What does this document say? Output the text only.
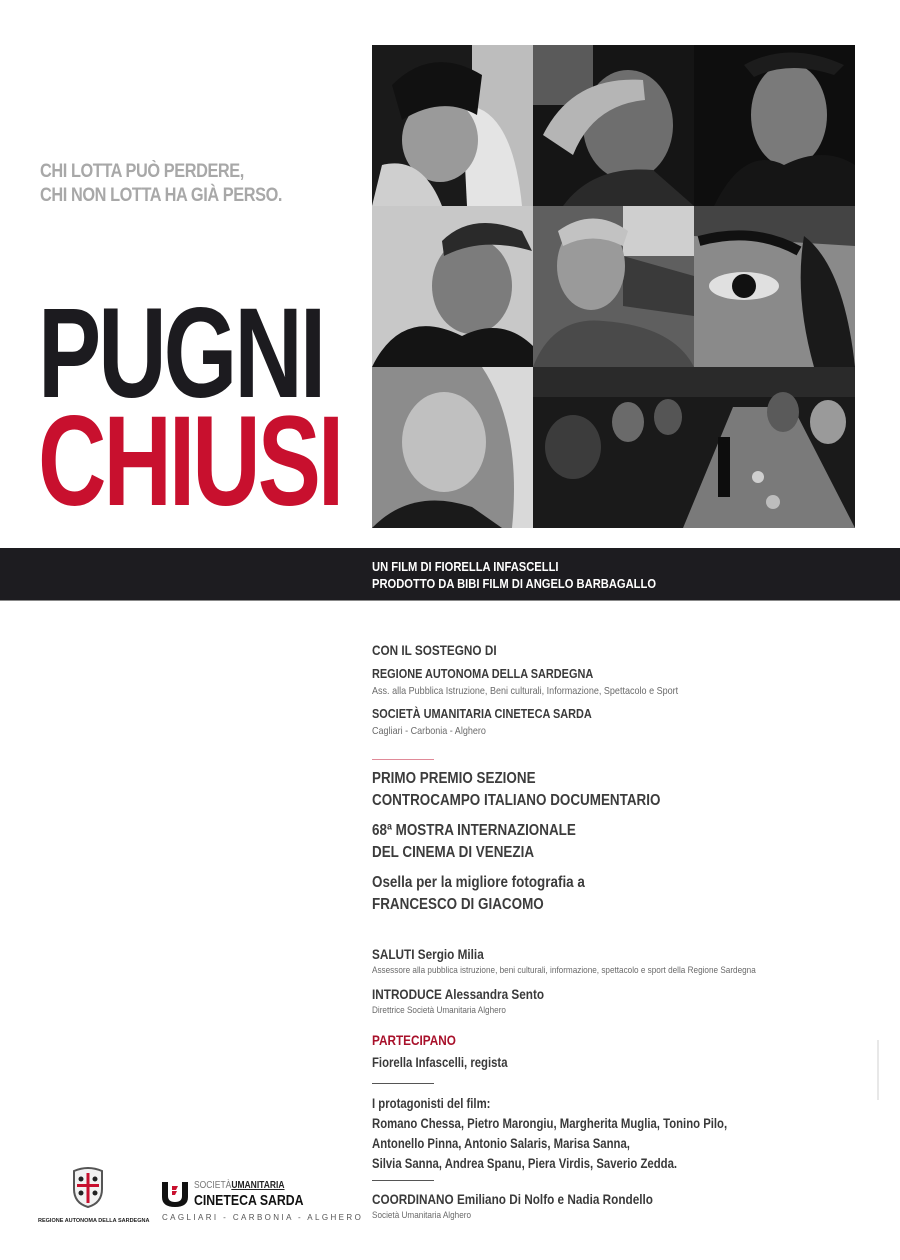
CHI LOTTA PUÒ PERDERE,
CHI NON LOTTA HA GIÀ PERSO.
PUGNI
CHIUSI
UN FILM DI FIORELLA INFASCELLI
PRODOTTO DA BIBI FILM DI ANGELO BARBAGALLO
CON IL SOSTEGNO DI
REGIONE AUTONOMA DELLA SARDEGNA
Ass. alla Pubblica Istruzione, Beni culturali, Informazione, Spettacolo e Sport
SOCIETÀ UMANITARIA CINETECA SARDA
Cagliari - Carbonia - Alghero
PRIMO PREMIO SEZIONE
CONTROCAMPO ITALIANO DOCUMENTARIO
68ª MOSTRA INTERNAZIONALE
DEL CINEMA DI VENEZIA
Osella per la migliore fotografia a
FRANCESCO DI GIACOMO
SALUTI Sergio Milia
Assessore alla pubblica istruzione, beni culturali, informazione, spettacolo e sport della Regione Sardegna
INTRODUCE Alessandra Sento
Direttrice Società Umanitaria Alghero
PARTECIPANO
Fiorella Infascelli, regista
I protagonisti del film:
Romano Chessa, Pietro Marongiu, Margherita Muglia, Tonino Pilo,
Antonello Pinna, Antonio Salaris, Marisa Sanna,
Silvia Sanna, Andrea Spanu, Piera Virdis, Saverio Zedda.
COORDINANO Emiliano Di Nolfo e Nadia Rondello
Società Umanitaria Alghero
REGIONE AUTONOMA DELLA SARDEGNA
SOCIETÀUMANITARIA
CINETECA SARDA
CAGLIARI - CARBONIA - ALGHERO
